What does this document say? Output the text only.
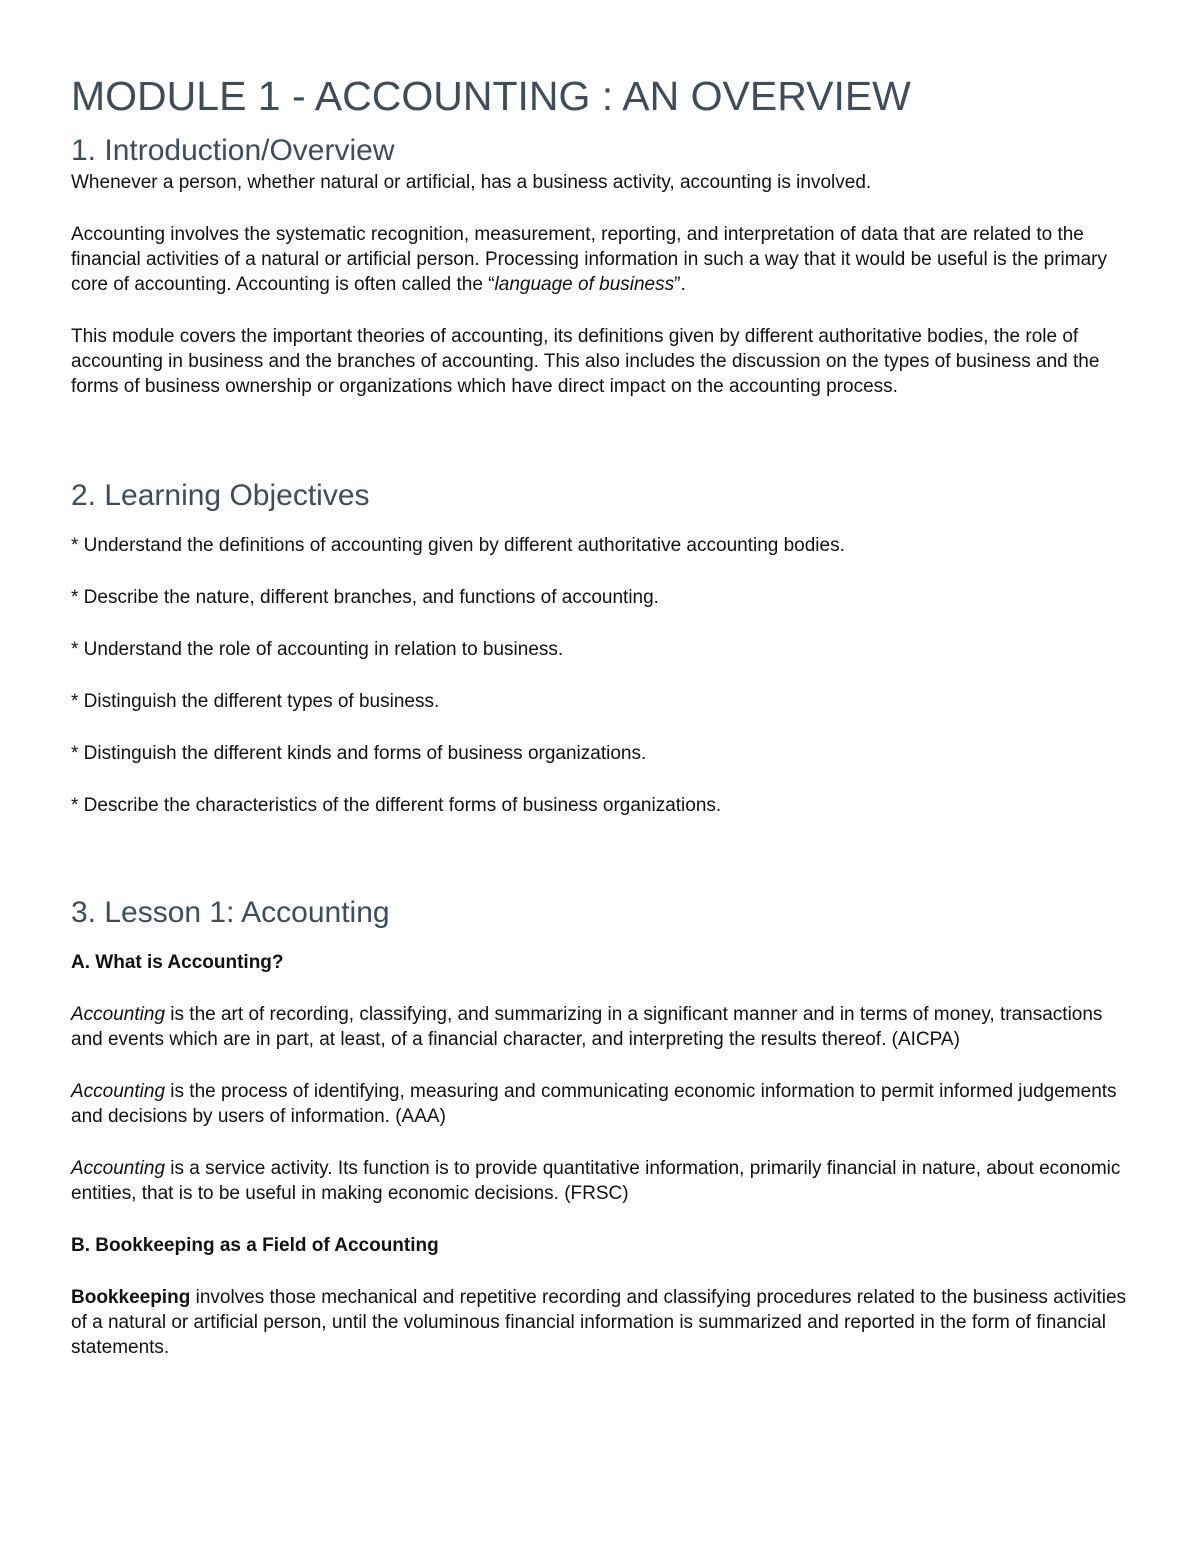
MODULE 1 - ACCOUNTING : AN OVERVIEW
1. Introduction/Overview

Whenever a person, whether natural or artificial, has a business activity, accounting is involved.

Accounting involves the systematic recognition, measurement, reporting, and interpretation of data that are related to the financial activities of a natural or artificial person. Processing information in such a way that it would be useful is the primary core of accounting. Accounting is often called the “language of business”.

This module covers the important theories of accounting, its definitions given by different authoritative bodies, the role of accounting in business and the branches of accounting. This also includes the discussion on the types of business and the forms of business ownership or organizations which have direct impact on the accounting process.

2. Learning Objectives

* Understand the definitions of accounting given by different authoritative accounting bodies.

* Describe the nature, different branches, and functions of accounting.

* Understand the role of accounting in relation to business.

* Distinguish the different types of business.

* Distinguish the different kinds and forms of business organizations.

* Describe the characteristics of the different forms of business organizations.

3. Lesson 1: Accounting
A. What is Accounting?

Accounting is the art of recording, classifying, and summarizing in a significant manner and in terms of money, transactions and events which are in part, at least, of a financial character, and interpreting the results thereof. (AICPA)

Accounting is the process of identifying, measuring and communicating economic information to permit informed judgements and decisions by users of information. (AAA)

Accounting is a service activity. Its function is to provide quantitative information, primarily financial in nature, about economic entities, that is to be useful in making economic decisions. (FRSC)

B. Bookkeeping as a Field of Accounting

Bookkeeping involves those mechanical and repetitive recording and classifying procedures related to the business activities of a natural or artificial person, until the voluminous financial information is summarized and reported in the form of financial statements.
